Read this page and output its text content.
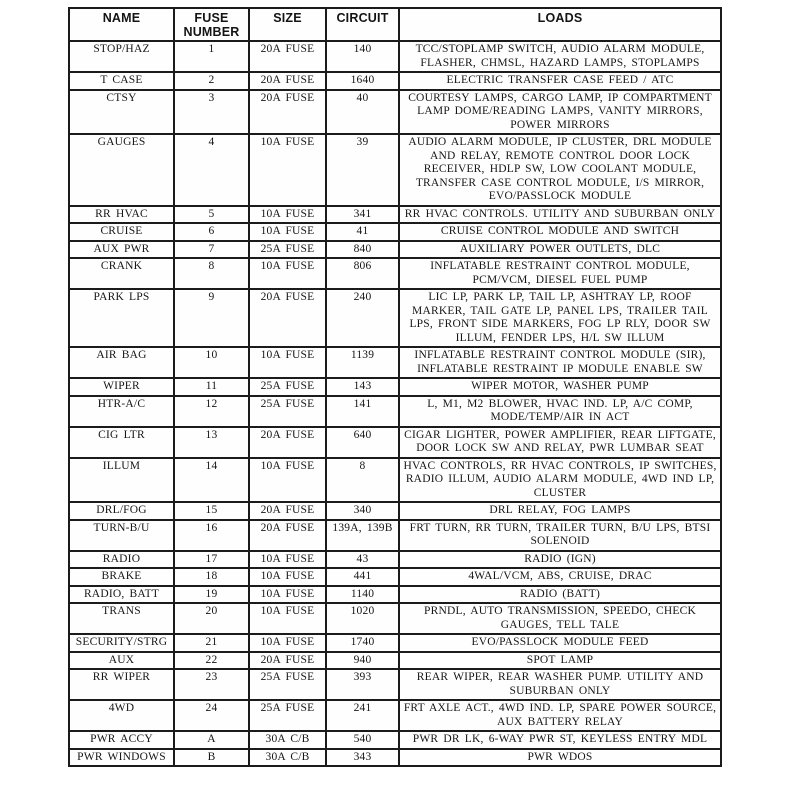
NAME	FUSE NUMBER	SIZE	CIRCUIT	LOADS
STOP/HAZ	1	20A FUSE	140	TCC/STOPLAMP SWITCH, AUDIO ALARM MODULE, FLASHER, CHMSL, HAZARD LAMPS, STOPLAMPS
T CASE	2	20A FUSE	1640	ELECTRIC TRANSFER CASE FEED / ATC
CTSY	3	20A FUSE	40	COURTESY LAMPS, CARGO LAMP, IP COMPARTMENT LAMP DOME/READING LAMPS, VANITY MIRRORS, POWER MIRRORS
GAUGES	4	10A FUSE	39	AUDIO ALARM MODULE, IP CLUSTER, DRL MODULE AND RELAY, REMOTE CONTROL DOOR LOCK RECEIVER, HDLP SW, LOW COOLANT MODULE, TRANSFER CASE CONTROL MODULE, I/S MIRROR, EVO/PASSLOCK MODULE
RR HVAC	5	10A FUSE	341	RR HVAC CONTROLS. UTILITY AND SUBURBAN ONLY
CRUISE	6	10A FUSE	41	CRUISE CONTROL MODULE AND SWITCH
AUX PWR	7	25A FUSE	840	AUXILIARY POWER OUTLETS, DLC
CRANK	8	10A FUSE	806	INFLATABLE RESTRAINT CONTROL MODULE, PCM/VCM, DIESEL FUEL PUMP
PARK LPS	9	20A FUSE	240	LIC LP, PARK LP, TAIL LP, ASHTRAY LP, ROOF MARKER, TAIL GATE LP, PANEL LPS, TRAILER TAIL LPS, FRONT SIDE MARKERS, FOG LP RLY, DOOR SW ILLUM, FENDER LPS, H/L SW ILLUM
AIR BAG	10	10A FUSE	1139	INFLATABLE RESTRAINT CONTROL MODULE (SIR), INFLATABLE RESTRAINT IP MODULE ENABLE SW
WIPER	11	25A FUSE	143	WIPER MOTOR, WASHER PUMP
HTR-A/C	12	25A FUSE	141	L, M1, M2 BLOWER, HVAC IND. LP, A/C COMP, MODE/TEMP/AIR IN ACT
CIG LTR	13	20A FUSE	640	CIGAR LIGHTER, POWER AMPLIFIER, REAR LIFTGATE, DOOR LOCK SW AND RELAY, PWR LUMBAR SEAT
ILLUM	14	10A FUSE	8	HVAC CONTROLS, RR HVAC CONTROLS, IP SWITCHES, RADIO ILLUM, AUDIO ALARM MODULE, 4WD IND LP, CLUSTER
DRL/FOG	15	20A FUSE	340	DRL RELAY, FOG LAMPS
TURN-B/U	16	20A FUSE	139A, 139B	FRT TURN, RR TURN, TRAILER TURN, B/U LPS, BTSI SOLENOID
RADIO	17	10A FUSE	43	RADIO (IGN)
BRAKE	18	10A FUSE	441	4WAL/VCM, ABS, CRUISE, DRAC
RADIO, BATT	19	10A FUSE	1140	RADIO (BATT)
TRANS	20	10A FUSE	1020	PRNDL, AUTO TRANSMISSION, SPEEDO, CHECK GAUGES, TELL TALE
SECURITY/STRG	21	10A FUSE	1740	EVO/PASSLOCK MODULE FEED
AUX	22	20A FUSE	940	SPOT LAMP
RR WIPER	23	25A FUSE	393	REAR WIPER, REAR WASHER PUMP. UTILITY AND SUBURBAN ONLY
4WD	24	25A FUSE	241	FRT AXLE ACT., 4WD IND. LP, SPARE POWER SOURCE, AUX BATTERY RELAY
PWR ACCY	A	30A C/B	540	PWR DR LK, 6-WAY PWR ST, KEYLESS ENTRY MDL
PWR WINDOWS	B	30A C/B	343	PWR WDOS
